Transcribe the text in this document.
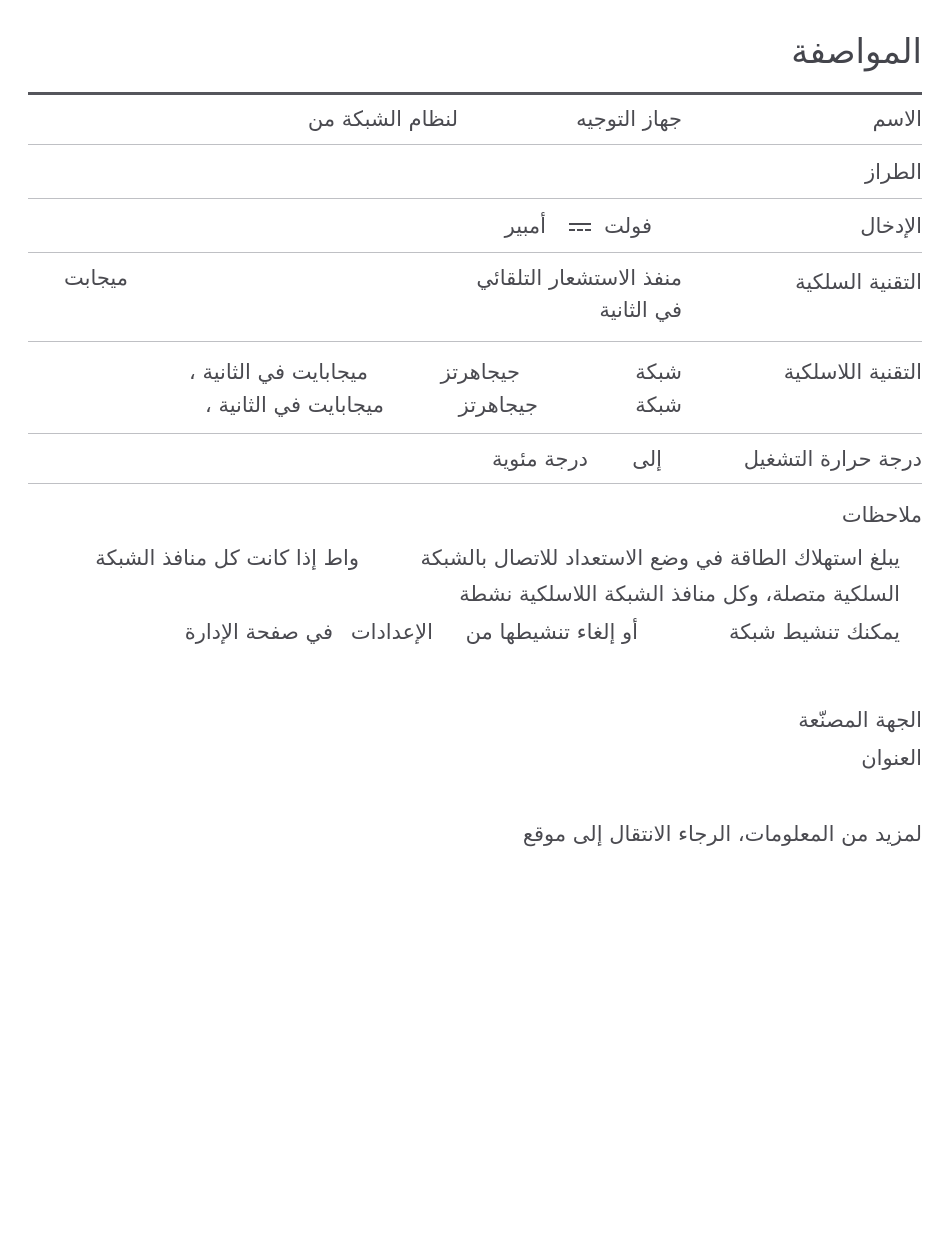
المواصفة
الاسم
جهاز التوجيه
لنظام الشبكة من
الطراز
الإدخال
فولت
أمبير
التقنية السلكية
منفذ الاستشعار التلقائي
في الثانية
ميجابت
التقنية اللاسلكية
شبكة
جيجاهرتز
ميجابايت في الثانية ،
شبكة
جيجاهرتز
ميجابايت في الثانية ،
درجة حرارة التشغيل
إلى
درجة مئوية
ملاحظات
يبلغ استهلاك الطاقة في وضع الاستعداد للاتصال بالشبكة
واط إذا كانت كل منافذ الشبكة
السلكية متصلة، وكل منافذ الشبكة اللاسلكية نشطة
يمكنك تنشيط شبكة
أو إلغاء تنشيطها من
الإعدادات
في صفحة الإدارة
الجهة المصنّعة
العنوان
لمزيد من المعلومات، الرجاء الانتقال إلى موقع
